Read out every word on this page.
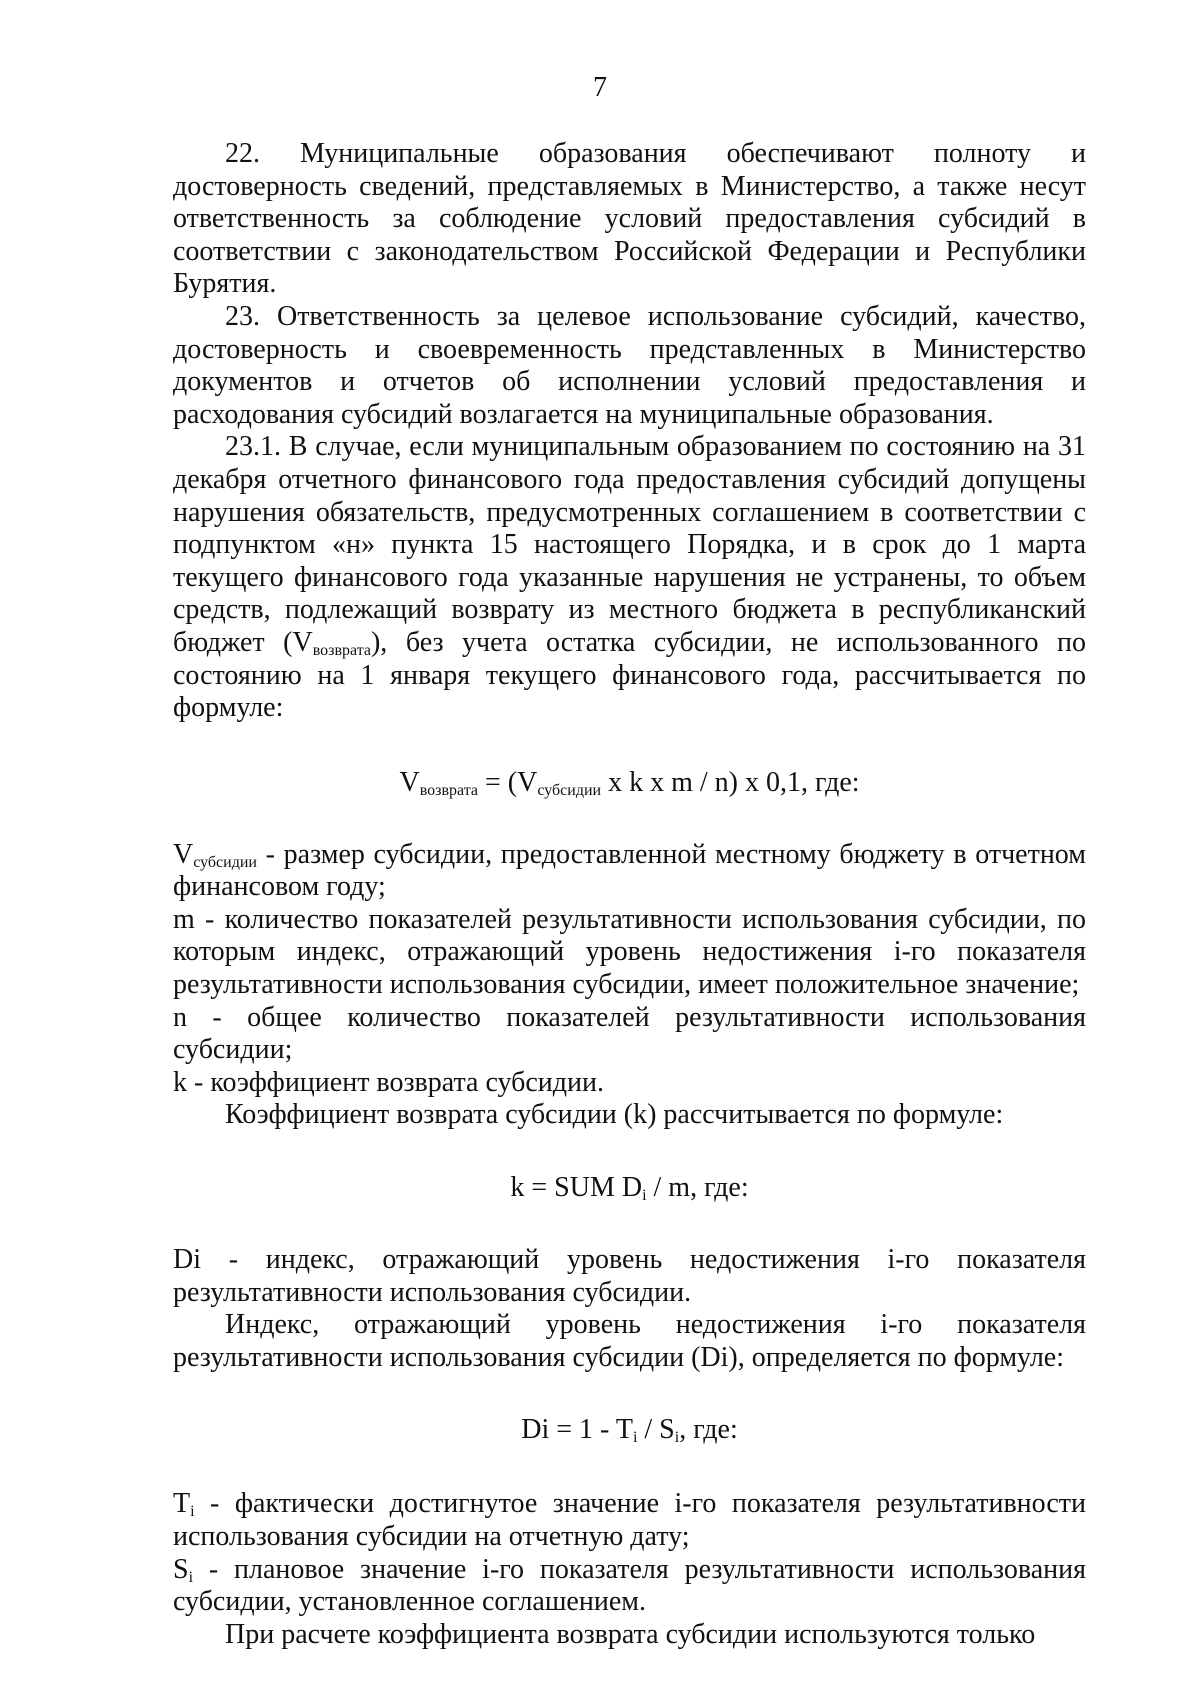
7

22. Муниципальные образования обеспечивают полноту и достоверность сведений, представляемых в Министерство, а также несут ответственность за соблюдение условий предоставления субсидий в соответствии с законодательством Российской Федерации и Республики Бурятия.

23. Ответственность за целевое использование субсидий, качество, достоверность и своевременность представленных в Министерство документов и отчетов об исполнении условий предоставления и расходования субсидий возлагается на муниципальные образования.

23.1. В случае, если муниципальным образованием по состоянию на 31 декабря отчетного финансового года предоставления субсидий допущены нарушения обязательств, предусмотренных соглашением в соответствии с подпунктом «н» пункта 15 настоящего Порядка, и в срок до 1 марта текущего финансового года указанные нарушения не устранены, то объем средств, подлежащий возврату из местного бюджета в республиканский бюджет $(V_{возврата})$, без учета остатка субсидии, не использованного по состоянию на 1 января текущего финансового года, рассчитывается по формуле:

$V_{возврата} = (V_{субсидии}$ x k x m / n) x 0,1, где:

$V_{субсидии}$ - размер субсидии, предоставленной местному бюджету в отчетном финансовом году;

m - количество показателей результативности использования субсидии, по которым индекс, отражающий уровень недостижения i-го показателя результативности использования субсидии, имеет положительное значение;

n - общее количество показателей результативности использования субсидии;

k - коэффициент возврата субсидии.

Коэффициент возврата субсидии (k) рассчитывается по формуле:

k = SUM $D_i$ / m, где:

Di - индекс, отражающий уровень недостижения i-го показателя результативности использования субсидии.

Индекс, отражающий уровень недостижения i-го показателя результативности использования субсидии (Di), определяется по формуле:

$Di = 1 - T_i / S_i$, где:

$T_i$ - фактически достигнутое значение i-го показателя результативности использования субсидии на отчетную дату;

$S_i$ - плановое значение i-го показателя результативности использования субсидии, установленное соглашением.

При расчете коэффициента возврата субсидии используются только
